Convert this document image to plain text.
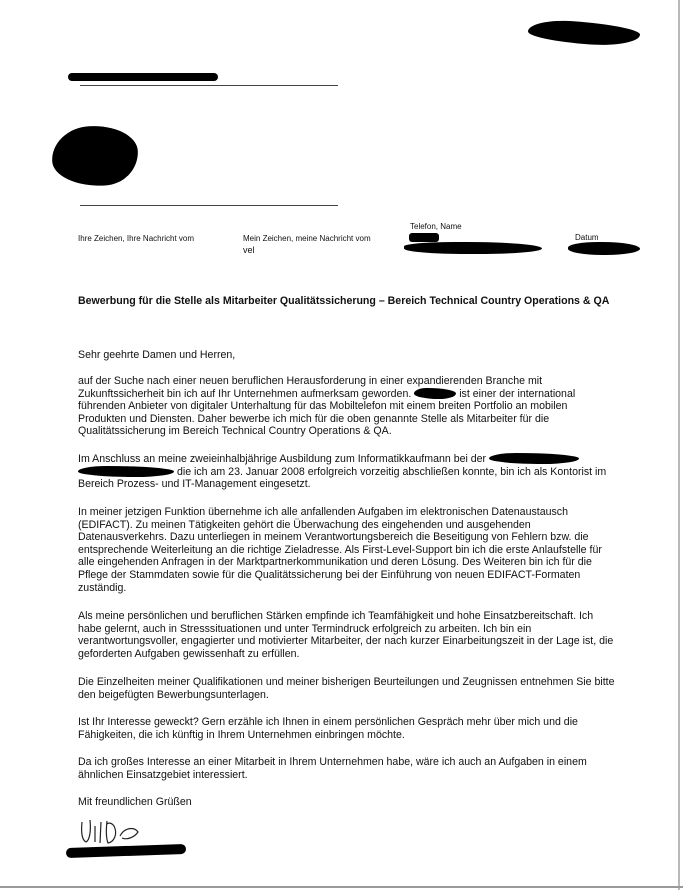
Ihre Zeichen, Ihre Nachricht vom	Mein Zeichen, meine Nachricht vom
vel
Telefon, Name
Datum
Bewerbung für die Stelle als Mitarbeiter Qualitätssicherung – Bereich Technical Country Operations & QA
Sehr geehrte Damen und Herren,
auf der Suche nach einer neuen beruflichen Herausforderung in einer expandierenden Branche mit Zukunftssicherheit bin ich auf Ihr Unternehmen aufmerksam geworden.	ist einer der international führenden Anbieter von digitaler Unterhaltung für das Mobiltelefon mit einem breiten Portfolio an mobilen Produkten und Diensten. Daher bewerbe ich mich für die oben genannte Stelle als Mitarbeiter für die Qualitätssicherung im Bereich Technical Country Operations & QA.
Im Anschluss an meine zweieinhalbjährige Ausbildung zum Informatikkaufmann bei der   die ich am 23. Januar 2008 erfolgreich vorzeitig abschließen konnte, bin ich als Kontorist im Bereich Prozess- und IT-Management eingesetzt.
In meiner jetzigen Funktion übernehme ich alle anfallenden Aufgaben im elektronischen Datenaustausch (EDIFACT). Zu meinen Tätigkeiten gehört die Überwachung des eingehenden und ausgehenden Datenausverkehrs. Dazu unterliegen in meinem Verantwortungsbereich die Beseitigung von Fehlern bzw. die entsprechende Weiterleitung an die richtige Zieladresse. Als First-Level-Support bin ich die erste Anlaufstelle für alle eingehenden Anfragen in der Marktpartnerkommunikation und deren Lösung. Des Weiteren bin ich für die Pflege der Stammdaten sowie für die Qualitätssicherung bei der Einführung von neuen EDIFACT-Formaten zuständig.
Als meine persönlichen und beruflichen Stärken empfinde ich Teamfähigkeit und hohe Einsatzbereitschaft. Ich habe gelernt, auch in Stresssituationen und unter Termindruck erfolgreich zu arbeiten. Ich bin ein verantwortungsvoller, engagierter und motivierter Mitarbeiter, der nach kurzer Einarbeitungszeit in der Lage ist, die geforderten Aufgaben gewissenhaft zu erfüllen.
Die Einzelheiten meiner Qualifikationen und meiner bisherigen Beurteilungen und Zeugnissen entnehmen Sie bitte den beigefügten Bewerbungsunterlagen.
Ist Ihr Interesse geweckt? Gern erzähle ich Ihnen in einem persönlichen Gespräch mehr über mich und die Fähigkeiten, die ich künftig in Ihrem Unternehmen einbringen möchte.
Da ich großes Interesse an einer Mitarbeit in Ihrem Unternehmen habe, wäre ich auch an Aufgaben in einem ähnlichen Einsatzgebiet interessiert.
Mit freundlichen Grüßen
